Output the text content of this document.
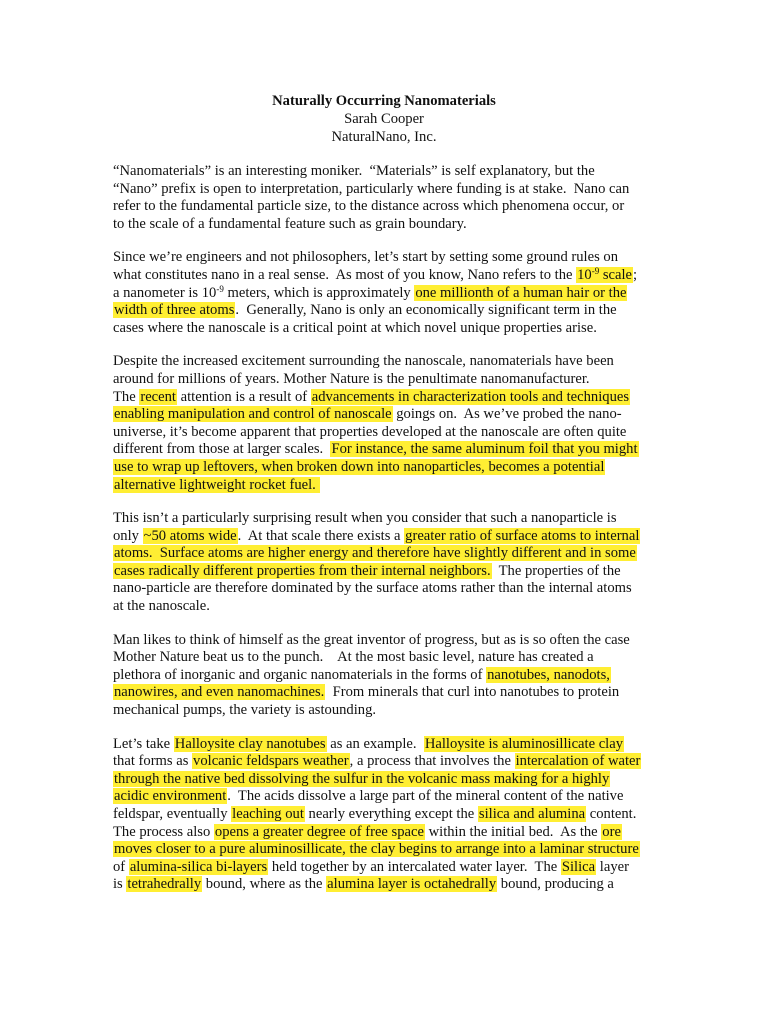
Naturally Occurring Nanomaterials
Sarah Cooper
NaturalNano, Inc.
“Nanomaterials” is an interesting moniker.  “Materials” is self explanatory, but the
“Nano” prefix is open to interpretation, particularly where funding is at stake.  Nano can
refer to the fundamental particle size, to the distance across which phenomena occur, or
to the scale of a fundamental feature such as grain boundary.
Since we’re engineers and not philosophers, let’s start by setting some ground rules on
what constitutes nano in a real sense.  As most of you know, Nano refers to the $10^{-9}$ scale;
a nanometer is $10^{-9}$ meters, which is approximately one millionth of a human hair or the
width of three atoms.  Generally, Nano is only an economically significant term in the
cases where the nanoscale is a critical point at which novel unique properties arise.
Despite the increased excitement surrounding the nanoscale, nanomaterials have been
around for millions of years. Mother Nature is the penultimate nanomanufacturer.
The recent attention is a result of advancements in characterization tools and techniques
enabling manipulation and control of nanoscale goings on.  As we’ve probed the nano-
universe, it’s become apparent that properties developed at the nanoscale are often quite
different from those at larger scales.  For instance, the same aluminum foil that you might
use to wrap up leftovers, when broken down into nanoparticles, becomes a potential
alternative lightweight rocket fuel.
This isn’t a particularly surprising result when you consider that such a nanoparticle is
only ~50 atoms wide.  At that scale there exists a greater ratio of surface atoms to internal
atoms.  Surface atoms are higher energy and therefore have slightly different and in some
cases radically different properties from their internal neighbors.  The properties of the
nano-particle are therefore dominated by the surface atoms rather than the internal atoms
at the nanoscale.
Man likes to think of himself as the great inventor of progress, but as is so often the case
Mother Nature beat us to the punch.    At the most basic level, nature has created a
plethora of inorganic and organic nanomaterials in the forms of nanotubes, nanodots,
nanowires, and even nanomachines.  From minerals that curl into nanotubes to protein
mechanical pumps, the variety is astounding.
Let’s take Halloysite clay nanotubes as an example.  Halloysite is aluminosillicate clay
that forms as volcanic feldspars weather, a process that involves the intercalation of water
through the native bed dissolving the sulfur in the volcanic mass making for a highly
acidic environment.  The acids dissolve a large part of the mineral content of the native
feldspar, eventually leaching out nearly everything except the silica and alumina content.
The process also opens a greater degree of free space within the initial bed.  As the ore
moves closer to a pure aluminosillicate, the clay begins to arrange into a laminar structure
of alumina-silica bi-layers held together by an intercalated water layer.  The Silica layer
is tetrahedrally bound, where as the alumina layer is octahedrally bound, producing a
